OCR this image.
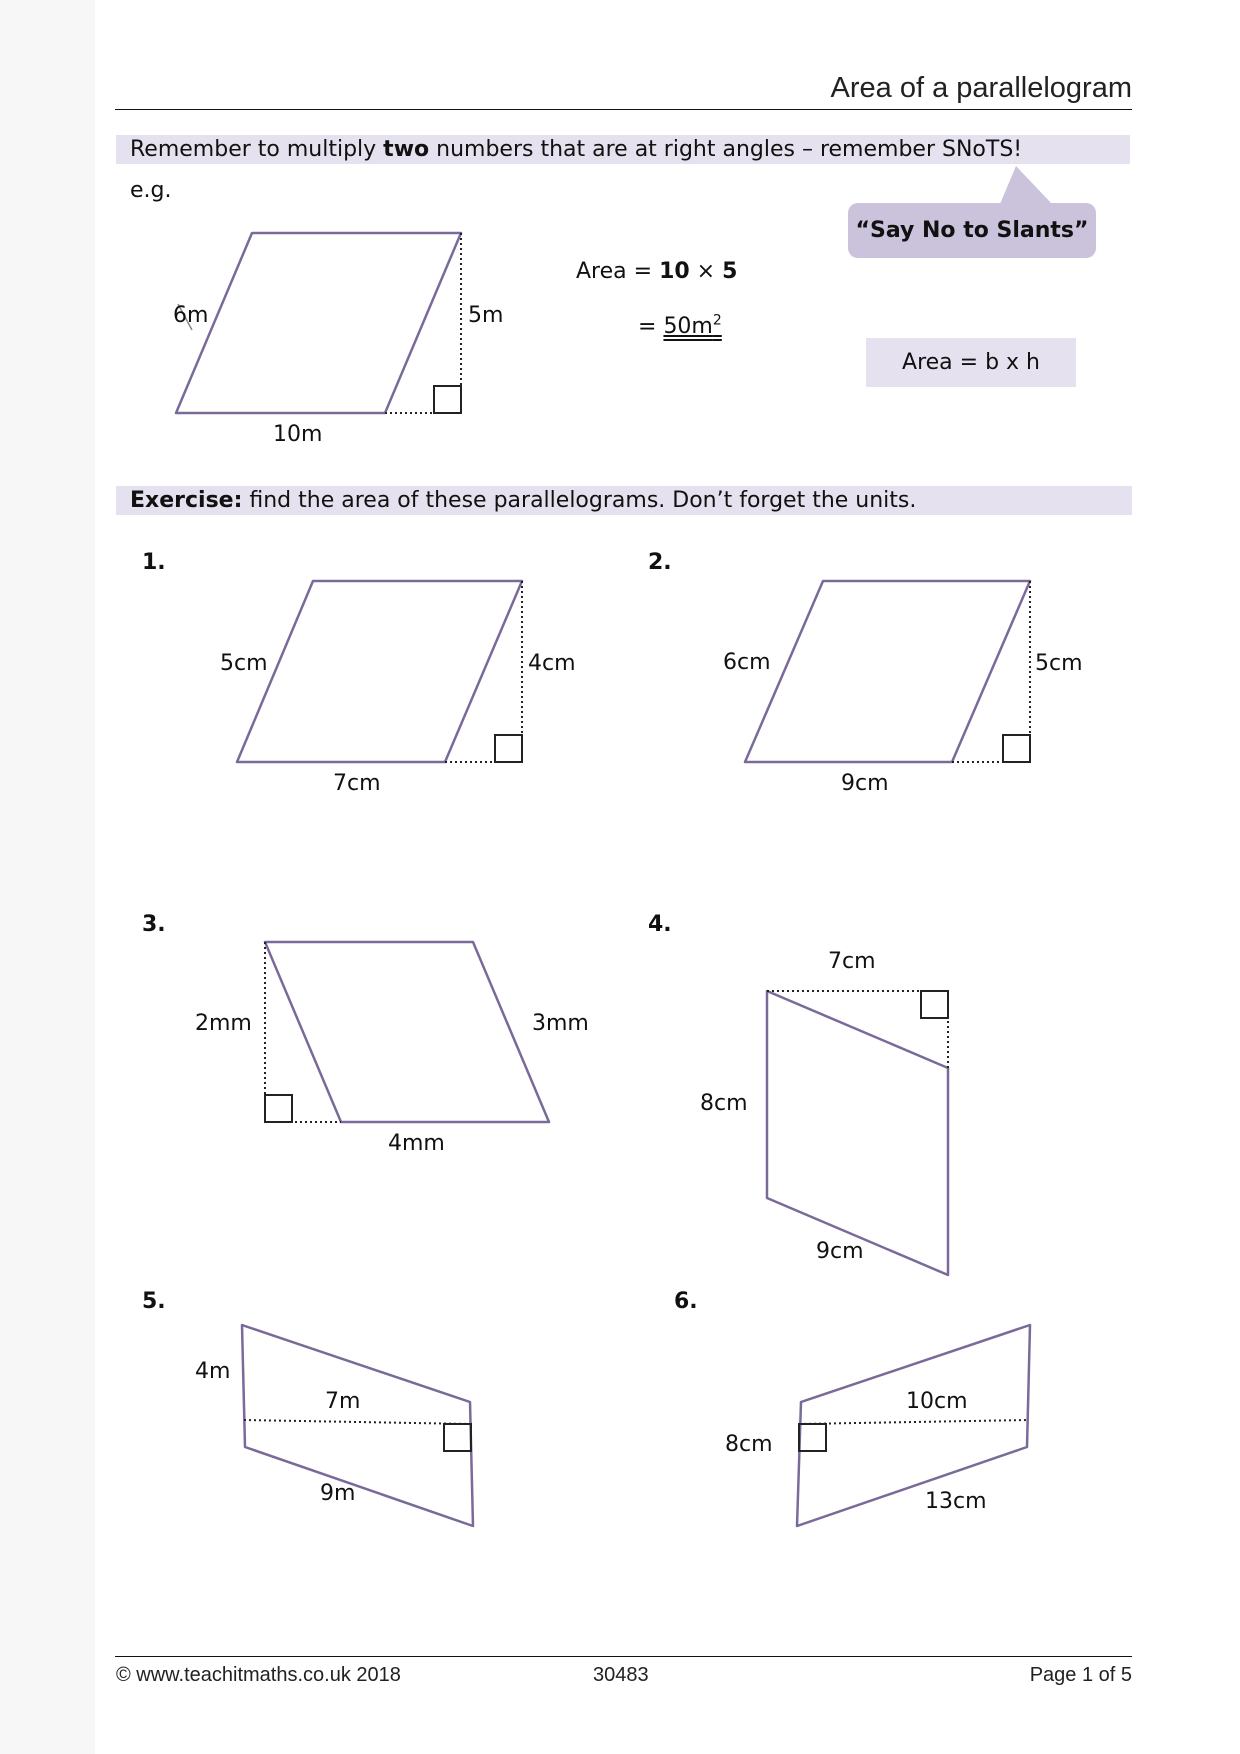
Area of a parallelogram
Remember to multiply two numbers that are at right angles – remember SNoTS!
e.g.
“Say No to Slants”
Area = b x h
Area = 10 × 5
= $50m^2$
Exercise: find the area of these parallelograms. Don’t forget the units.
1.	2.
3.	4.
5.	6.
6m	5m
10m
5cm	4cm
7cm
6cm	5cm
9cm
2mm	3mm
4mm
7cm
8cm
9cm
4m
7m
9m
10cm
8cm
13cm
© www.teachitmaths.co.uk 2018	30483	Page 1 of 5
